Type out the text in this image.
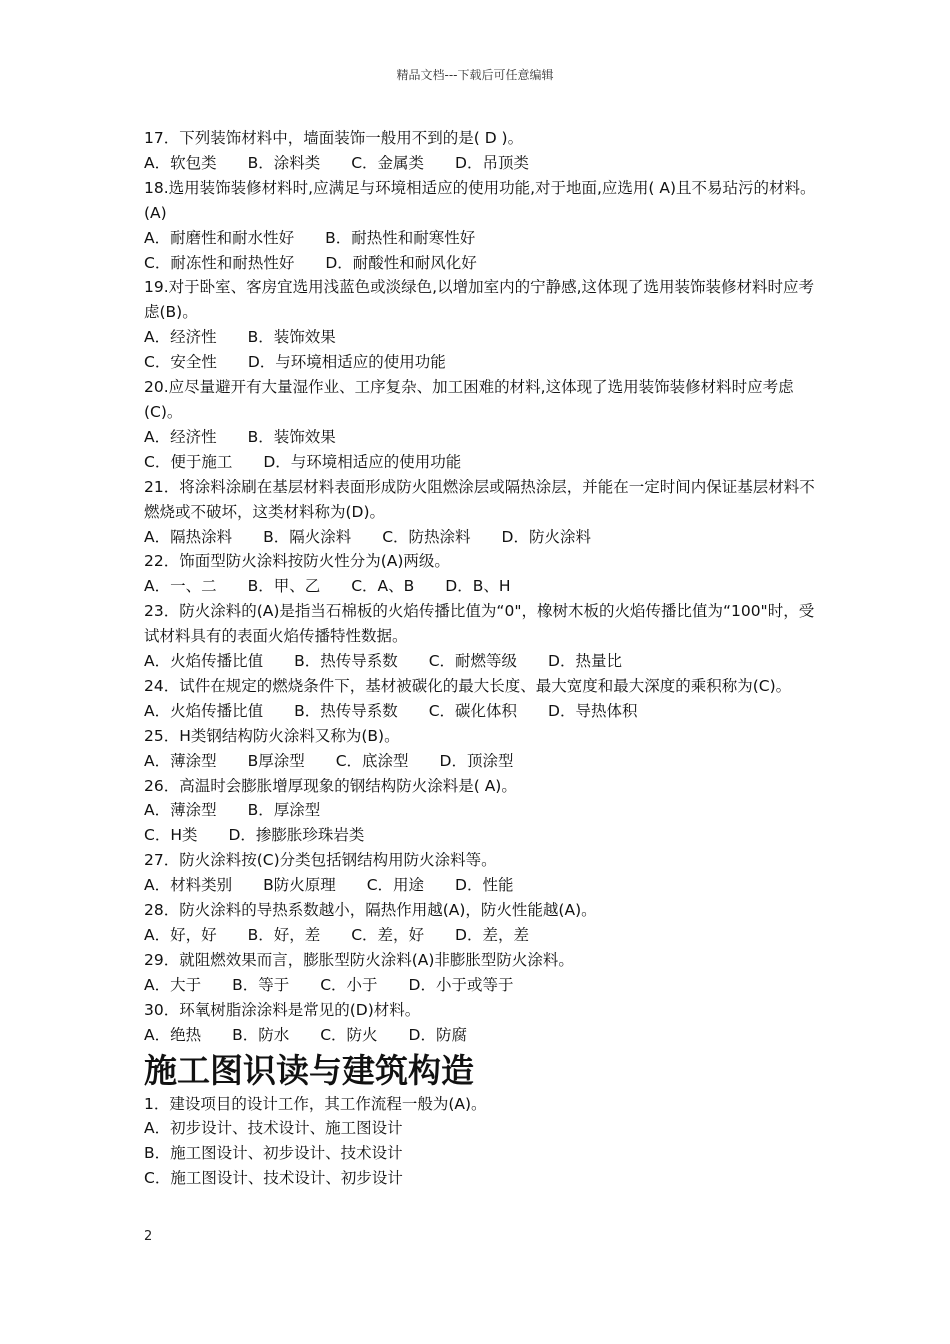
精品文档---下载后可任意编辑

17．下列装饰材料中，墙面装饰一般用不到的是( D )。

A．软包类　　B．涂料类　　C．金属类　　D．吊顶类

18.选用装饰装修材料时,应满足与环境相适应的使用功能,对于地面,应选用( A)且不易玷污的材料。(A)

A．耐磨性和耐水性好　　B．耐热性和耐寒性好

C．耐冻性和耐热性好　　D．耐酸性和耐风化好

19.对于卧室、客房宜选用浅蓝色或淡绿色,以增加室内的宁静感,这体现了选用装饰装修材料时应考虑(B)。

A．经济性　　B．装饰效果

C．安全性　　D．与环境相适应的使用功能

20.应尽量避开有大量湿作业、工序复杂、加工困难的材料,这体现了选用装饰装修材料时应考虑(C)。

A．经济性　　B．装饰效果

C．便于施工　　D．与环境相适应的使用功能

21．将涂料涂刷在基层材料表面形成防火阻燃涂层或隔热涂层，并能在一定时间内保证基层材料不燃烧或不破坏，这类材料称为(D)。

A．隔热涂料　　B．隔火涂料　　C．防热涂料　　D．防火涂料

22．饰面型防火涂料按防火性分为(A)两级。

A．一、二　　B．甲、乙　　C．A、B　　D．B、H

23．防火涂料的(A)是指当石棉板的火焰传播比值为“0"，橡树木板的火焰传播比值为“100"时，受试材料具有的表面火焰传播特性数据。

A．火焰传播比值　　B．热传导系数　　C．耐燃等级　　D．热量比

24．试件在规定的燃烧条件下，基材被碳化的最大长度、最大宽度和最大深度的乘积称为(C)。

A．火焰传播比值　　B．热传导系数　　C．碳化体积　　D．导热体积

25．H类钢结构防火涂料又称为(B)。

A．薄涂型　　B厚涂型　　C．底涂型　　D．顶涂型

26．高温时会膨胀增厚现象的钢结构防火涂料是( A)。

A．薄涂型　　B．厚涂型

C．H类　　D．掺膨胀珍珠岩类

27．防火涂料按(C)分类包括钢结构用防火涂料等。

A．材料类别　　B防火原理　　C．用途　　D．性能

28．防火涂料的导热系数越小，隔热作用越(A)，防火性能越(A)。

A．好，好　　B．好，差　　C．差，好　　D．差，差

29．就阻燃效果而言，膨胀型防火涂料(A)非膨胀型防火涂料。

A．大于　　B．等于　　C．小于　　D．小于或等于

30．环氧树脂涂涂料是常见的(D)材料。

A．绝热　　B．防水　　C．防火　　D．防腐

施工图识读与建筑构造

1．建设项目的设计工作，其工作流程一般为(A)。

A．初步设计、技术设计、施工图设计

B．施工图设计、初步设计、技术设计

C．施工图设计、技术设计、初步设计

2
